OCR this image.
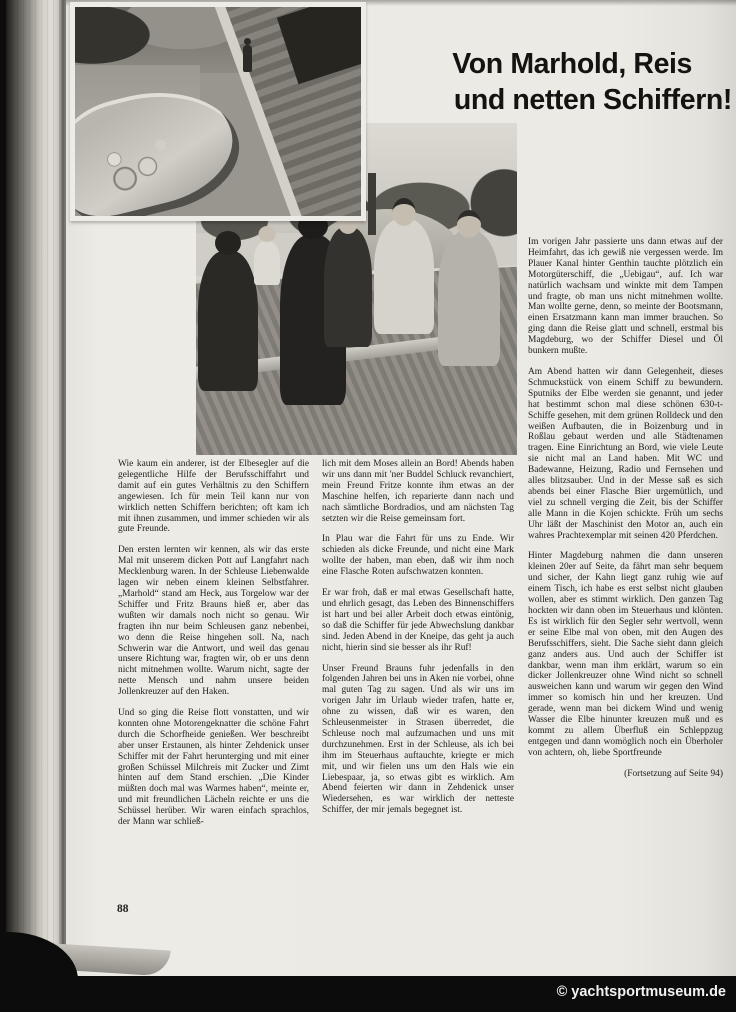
Von Marhold, Reis
und netten Schiffern!

Wie kaum ein anderer, ist der Elbesegler auf die gelegentliche Hilfe der Berufsschiffahrt und damit auf ein gutes Verhältnis zu den Schiffern angewiesen. Ich für mein Teil kann nur von wirklich netten Schiffern berichten; oft kam ich mit ihnen zusammen, und immer schieden wir als gute Freunde.

Den ersten lernten wir kennen, als wir das erste Mal mit unserem dicken Pott auf Langfahrt nach Mecklenburg waren. In der Schleuse Liebenwalde lagen wir neben einem kleinen Selbstfahrer. „Marhold“ stand am Heck, aus Torgelow war der Schiffer und Fritz Brauns hieß er, aber das wußten wir damals noch nicht so genau. Wir fragten ihn nur beim Schleusen ganz nebenbei, wo denn die Reise hingehen soll. Na, nach Schwerin war die Antwort, und weil das genau unsere Richtung war, fragten wir, ob er uns denn nicht mitnehmen wollte. Warum nicht, sagte der nette Mensch und nahm unsere beiden Jollenkreuzer auf den Haken.

Und so ging die Reise flott vonstatten, und wir konnten ohne Motorengeknatter die schöne Fahrt durch die Schorfheide genießen. Wer beschreibt aber unser Erstaunen, als hinter Zehdenick unser Schiffer mit der Fahrt herunterging und mit einer großen Schüssel Milchreis mit Zucker und Zimt hinten auf dem Stand erschien. „Die Kinder müßten doch mal was Warmes haben“, meinte er, und mit freundlichen Lächeln reichte er uns die Schüssel herüber. Wir waren einfach sprachlos, der Mann war schließ-

lich mit dem Moses allein an Bord! Abends haben wir uns dann mit 'ner Buddel Schluck revanchiert, mein Freund Fritze konnte ihm etwas an der Maschine helfen, ich reparierte dann nach und nach sämtliche Bordradios, und am nächsten Tag setzten wir die Reise gemeinsam fort.

In Plau war die Fahrt für uns zu Ende. Wir schieden als dicke Freunde, und nicht eine Mark wollte der haben, man eben, daß wir ihm noch eine Flasche Roten aufschwatzen konnten.

Er war froh, daß er mal etwas Gesellschaft hatte, und ehrlich gesagt, das Leben des Binnenschiffers ist hart und bei aller Arbeit doch etwas eintönig, so daß die Schiffer für jede Abwechslung dankbar sind. Jeden Abend in der Kneipe, das geht ja auch nicht, hierin sind sie besser als ihr Ruf!

Unser Freund Brauns fuhr jedenfalls in den folgenden Jahren bei uns in Aken nie vorbei, ohne mal guten Tag zu sagen. Und als wir uns im vorigen Jahr im Urlaub wieder trafen, hatte er, ohne zu wissen, daß wir es waren, den Schleusenmeister in Strasen überredet, die Schleuse noch mal aufzumachen und uns mit durchzunehmen. Erst in der Schleuse, als ich bei ihm im Steuerhaus auftauchte, kriegte er mich mit, und wir fielen uns um den Hals wie ein Liebespaar, ja, so etwas gibt es wirklich. Am Abend feierten wir dann in Zehdenick unser Wiedersehen, es war wirklich der netteste Schiffer, der mir jemals begegnet ist.

Im vorigen Jahr passierte uns dann etwas auf der Heimfahrt, das ich gewiß nie vergessen werde. Im Plauer Kanal hinter Genthin tauchte plötzlich ein Motorgüterschiff, die „Uebigau“, auf. Ich war natürlich wachsam und winkte mit dem Tampen und fragte, ob man uns nicht mitnehmen wollte. Man wollte gerne, denn, so meinte der Bootsmann, einen Ersatzmann kann man immer brauchen. So ging dann die Reise glatt und schnell, erstmal bis Magdeburg, wo der Schiffer Diesel und Öl bunkern mußte.

Am Abend hatten wir dann Gelegenheit, dieses Schmuckstück von einem Schiff zu bewundern. Sputniks der Elbe werden sie genannt, und jeder hat bestimmt schon mal diese schönen 630-t-Schiffe gesehen, mit dem grünen Rolldeck und den weißen Aufbauten, die in Boizenburg und in Roßlau gebaut werden und alle Städtenamen tragen. Eine Einrichtung an Bord, wie viele Leute sie nicht mal an Land haben. Mit WC und Badewanne, Heizung, Radio und Fernsehen und alles blitzsauber. Und in der Messe saß es sich abends bei einer Flasche Bier urgemütlich, und viel zu schnell verging die Zeit, bis der Schiffer alle Mann in die Kojen schickte. Früh um sechs Uhr läßt der Maschinist den Motor an, auch ein wahres Prachtexemplar mit seinen 420 Pferdchen.

Hinter Magdeburg nahmen die dann unseren kleinen 20er auf Seite, da fährt man sehr bequem und sicher, der Kahn liegt ganz ruhig wie auf einem Tisch, ich habe es erst selbst nicht glauben wollen, aber es stimmt wirklich. Den ganzen Tag hockten wir dann oben im Steuerhaus und klönten. Es ist wirklich für den Segler sehr wertvoll, wenn er seine Elbe mal von oben, mit den Augen des Berufsschiffers, sieht. Die Sache sieht dann gleich ganz anders aus. Und auch der Schiffer ist dankbar, wenn man ihm erklärt, warum so ein dicker Jollenkreuzer ohne Wind nicht so schnell ausweichen kann und warum wir gegen den Wind immer so komisch hin und her kreuzen. Und gerade, wenn man bei dickem Wind und wenig Wasser die Elbe hinunter kreuzen muß und es kommt zu allem Überfluß ein Schleppzug entgegen und dann womöglich noch ein Überholer von achtern, oh, liebe Sportfreunde

(Fortsetzung auf Seite 94)

88
© yachtsportmuseum.de
